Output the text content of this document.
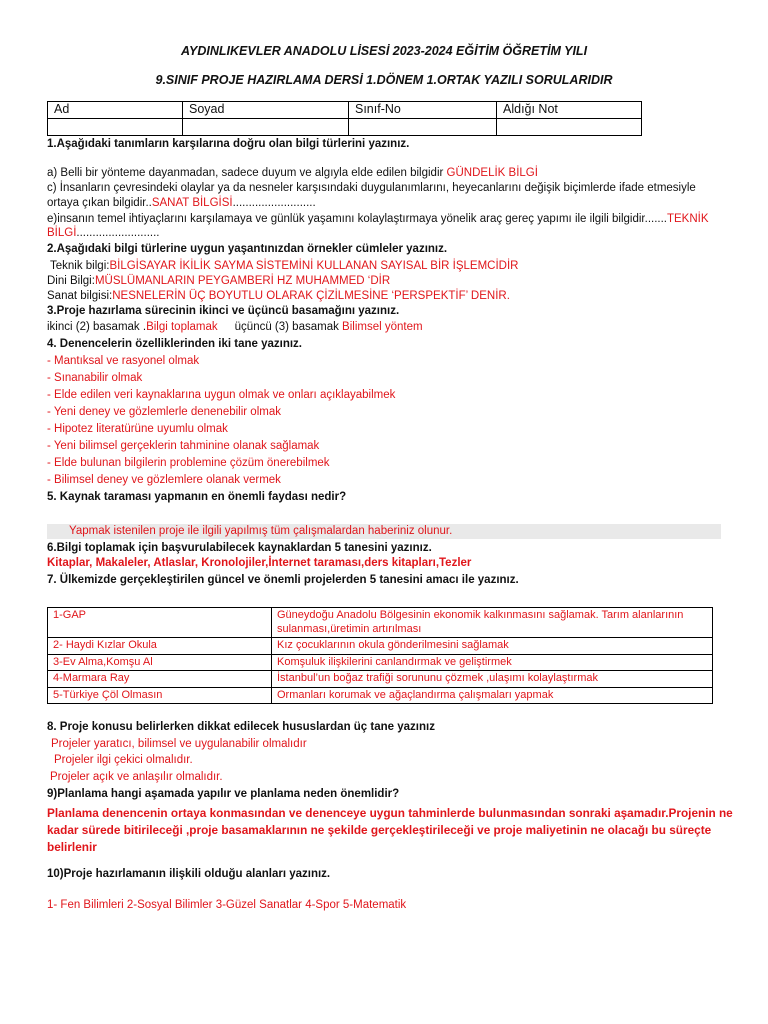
AYDINLIKEVLER ANADOLU LİSESİ 2023-2024 EĞİTİM ÖĞRETİM YILI
9.SINIF PROJE HAZIRLAMA DERSİ 1.DÖNEM 1.ORTAK YAZILI SORULARIDIR
Ad	Soyad	Sınıf-No	Aldığı Not

1.Aşağıdaki tanımların karşılarına doğru olan bilgi türlerini yazınız.
a) Belli bir yönteme dayanmadan, sadece duyum ve algıyla elde edilen bilgidir GÜNDELİK BİLGİ
c) İnsanların çevresindeki olaylar ya da nesneler karşısındaki duygulanımlarını, heyecanlarını değişik biçimlerde ifade etmesiyle
ortaya çıkan bilgidir..SANAT BİLGİSİ..........................
e)insanın temel ihtiyaçlarını karşılamaya ve günlük yaşamını kolaylaştırmaya yönelik araç gereç yapımı ile ilgili bilgidir.......TEKNİK
BİLGİ..........................
2.Aşağıdaki bilgi türlerine uygun yaşantınızdan örnekler cümleler yazınız.
Teknik bilgi:BİLGİSAYAR İKİLİK SAYMA SİSTEMİNİ KULLANAN SAYISAL BİR İŞLEMCİDİR
Dini Bilgi:MÜSLÜMANLARIN PEYGAMBERİ HZ MUHAMMED ‘DİR
Sanat bilgisi:NESNELERİN ÜÇ BOYUTLU OLARAK ÇİZİLMESİNE ‘PERSPEKTİF’ DENİR.
3.Proje hazırlama sürecinin ikinci ve üçüncü basamağını yazınız.
ikinci (2) basamak .Bilgi toplamak üçüncü (3) basamak Bilimsel yöntem
4. Denencelerin özelliklerinden iki tane yazınız.
- Mantıksal ve rasyonel olmak
- Sınanabilir olmak
- Elde edilen veri kaynaklarına uygun olmak ve onları açıklayabilmek
- Yeni deney ve gözlemlerle denenebilir olmak
- Hipotez literatürüne uyumlu olmak
- Yeni bilimsel gerçeklerin tahminine olanak sağlamak
- Elde bulunan bilgilerin problemine çözüm önerebilmek
- Bilimsel deney ve gözlemlere olanak vermek
5. Kaynak taraması yapmanın en önemli faydası nedir?
Yapmak istenilen proje ile ilgili yapılmış tüm çalışmalardan haberiniz olunur.
6.Bilgi toplamak için başvurulabilecek kaynaklardan 5 tanesini yazınız.
Kitaplar, Makaleler, Atlaslar, Kronolojiler,İnternet taraması,ders kitapları,Tezler
7. Ülkemizde gerçekleştirilen güncel ve önemli projelerden 5 tanesini amacı ile yazınız.
1-GAP	Güneydoğu Anadolu Bölgesinin ekonomik kalkınmasını sağlamak. Tarım alanlarının sulanması,üretimin artırılması
2- Haydi Kızlar Okula	Kız çocuklarının okula gönderilmesini sağlamak
3-Ev Alma,Komşu Al	Komşuluk ilişkilerini canlandırmak ve geliştirmek
4-Marmara Ray	İstanbul’un boğaz trafiği sorununu çözmek ,ulaşımı kolaylaştırmak
5-Türkiye Çöl Olmasın	Ormanları korumak ve ağaçlandırma çalışmaları yapmak
8. Proje konusu belirlerken dikkat edilecek hususlardan üç tane yazınız
Projeler yaratıcı, bilimsel ve uygulanabilir olmalıdır
Projeler ilgi çekici olmalıdır.
Projeler açık ve anlaşılır olmalıdır.
9)Planlama hangi aşamada yapılır ve planlama neden önemlidir?
Planlama denencenin ortaya konmasından ve denenceye uygun tahminlerde bulunmasından sonraki aşamadır.Projenin ne
kadar sürede bitirileceği ,proje basamaklarının ne şekilde gerçekleştirileceği ve proje maliyetinin ne olacağı bu süreçte
belirlenir
10)Proje hazırlamanın ilişkili olduğu alanları yazınız.
1- Fen Bilimleri 2-Sosyal Bilimler 3-Güzel Sanatlar 4-Spor 5-Matematik
